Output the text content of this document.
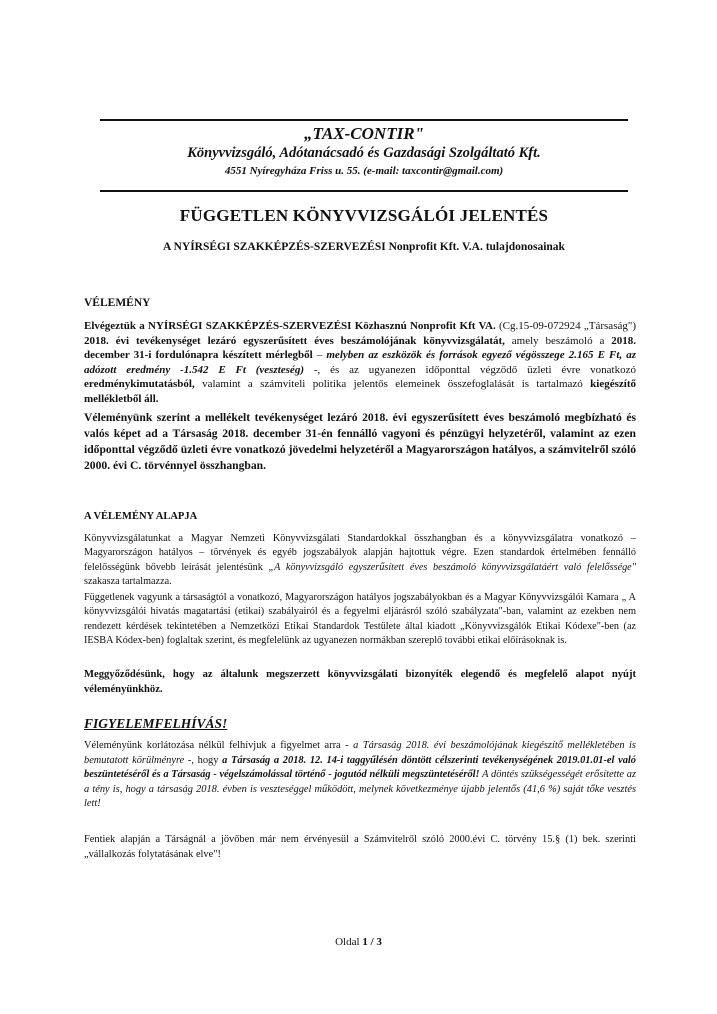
„TAX-CONTIR"
Könyvvizsgáló, Adótanácsadó és Gazdasági Szolgáltató Kft.
4551 Nyíregyháza Friss u. 55. (e-mail: taxcontir@gmail.com)
FÜGGETLEN KÖNYVVIZSGÁLÓI JELENTÉS
A NYÍRSÉGI SZAKKÉPZÉS-SZERVEZÉSI Nonprofit Kft. V.A. tulajdonosainak
VÉLEMÉNY
Elvégeztük a NYÍRSÉGI SZAKKÉPZÉS-SZERVEZÉSI Közhasznú Nonprofit Kft VA. (Cg.15-09-072924 „Társaság") 2018. évi tevékenységet lezáró egyszerűsített éves beszámolójának könyvvizsgálatát, amely beszámoló a 2018. december 31-i fordulónapra készített mérlegből – melyben az eszközök és források egyező végösszege 2.165 E Ft, az adózott eredmény -1.542 E Ft (veszteség) -, és az ugyanezen időponttal végződő üzleti évre vonatkozó eredménykimutatásból, valamint a számviteli politika jelentős elemeinek összefoglalását is tartalmazó kiegészítő mellékletből áll.
Véleményünk szerint a mellékelt tevékenységet lezáró 2018. évi egyszerűsített éves beszámoló megbízható és valós képet ad a Társaság 2018. december 31-én fennálló vagyoni és pénzügyi helyzetéről, valamint az ezen időponttal végződő üzleti évre vonatkozó jövedelmi helyzetéről a Magyarországon hatályos, a számvitelről szóló 2000. évi C. törvénnyel összhangban.
A VÉLEMÉNY ALAPJA
Könyvvizsgálatunkat a Magyar Nemzeti Könyvvizsgálati Standardokkal összhangban és a könyvvizsgálatra vonatkozó – Magyarországon hatályos – törvények és egyéb jogszabályok alapján hajtottuk végre. Ezen standardok értelmében fennálló felelősségünk bővebb leírását jelentésünk „A könyvvizsgáló egyszerűsített éves beszámoló könyvvizsgálatáért való felelőssége" szakasza tartalmazza.
Függetlenek vagyunk a társaságtól a vonatkozó, Magyarországon hatályos jogszabályokban és a Magyar Könyvvizsgálói Kamara „ A könyvvizsgálói hivatás magatartási (etikai) szabályairól és a fegyelmi eljárásról szóló szabályzata"-ban, valamint az ezekben nem rendezett kérdések tekintetében a Nemzetközi Etikai Standardok Testülete által kiadott „Könyvvizsgálók Etikai Kódexe"-ben (az IESBA Kódex-ben) foglaltak szerint, és megfelelünk az ugyanezen normákban szereplő további etikai előírásoknak is.
Meggyőződésünk, hogy az általunk megszerzett könyvvizsgálati bizonyíték elegendő és megfelelő alapot nyújt véleményünkhöz.
FIGYELEMFELHÍVÁS!
Véleményünk korlátozása nélkül felhívjuk a figyelmet arra - a Társaság 2018. évi beszámolójának kiegészítő mellékletében is bemutatott körülményre -, hogy a Társaság a 2018. 12. 14-i taggyűlésén döntött célszerinti tevékenységének 2019.01.01-el való beszüntetéséről és a Társaság - végelszámolással történő - jogutód nélküli megszüntetéséről! A döntés szükségességét erősítette az a tény is, hogy a társaság 2018. évben is veszteséggel működött, melynek következménye újabb jelentős (41,6 %) saját tőke vesztés lett!
Fentiek alapján a Társágnál a jövőben már nem érvényesül a Számvitelről szóló 2000.évi C. törvény 15.§ (1) bek. szerinti „vállalkozás folytatásának elve"!
Oldal 1 / 3
